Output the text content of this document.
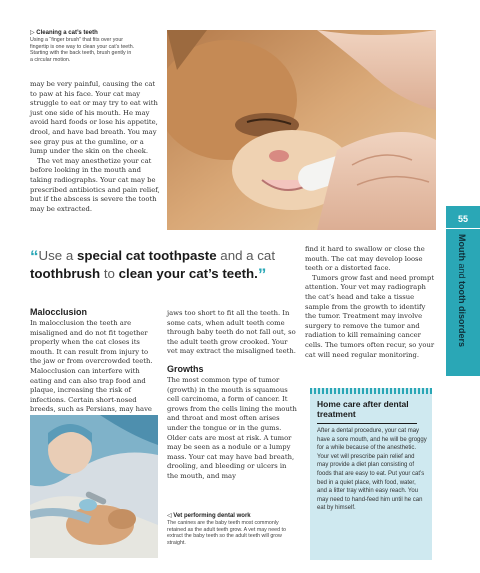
▷ Cleaning a cat’s teeth
Using a “finger brush” that fits over your
fingertip is one way to clean your cat’s teeth.
Starting with the back teeth, brush gently in
a circular motion.

may be very painful, causing the cat to paw at his face. Your cat may struggle to eat or may try to eat with just one side of his mouth. He may avoid hard foods or lose his appetite, drool, and have bad breath. You may see gray pus at the gumline, or a lump under the skin on the cheek.

The vet may anesthetize your cat before looking in the mouth and taking radiographs. Your cat may be prescribed antibiotics and pain relief, but if the abscess is severe the tooth may be extracted.

“Use a special cat toothpaste and a cat toothbrush to clean your cat’s teeth.”
Malocclusion
In malocclusion the teeth are misaligned and do not fit together properly when the cat closes its mouth. It can result from injury to the jaw or from overcrowded teeth. Malocclusion can interfere with eating and can also trap food and plaque, increasing the risk of infections. Certain short-nosed breeds, such as Persians, may have
jaws too short to fit all the teeth. In some cats, when adult teeth come through baby teeth do not fall out, so the adult teeth grow crooked. Your vet may extract the misaligned teeth.
Growths
The most common type of tumor (growth) in the mouth is squamous cell carcinoma, a form of cancer. It grows from the cells lining the mouth and throat and most often arises under the tongue or in the gums. Older cats are most at risk. A tumor may be seen as a nodule or a lumpy mass. Your cat may have bad breath, drooling, and bleeding or ulcers in the mouth, and may
◁ Vet performing dental work
The canines are the baby teeth most commonly retained as the adult teeth grow. A vet may need to extract the baby teeth so the adult teeth will grow straight.

find it hard to swallow or close the mouth. The cat may develop loose teeth or a distorted face.

Tumors grow fast and need prompt attention. Your vet may radiograph the cat’s head and take a tissue sample from the growth to identify the tumor. Treatment may involve surgery to remove the tumor and radiation to kill remaining cancer cells. The tumors often recur, so your cat will need regular monitoring.

Home care after dental treatment
After a dental procedure, your cat may have a sore mouth, and he will be groggy for a while because of the anesthetic. Your vet will prescribe pain relief and may provide a diet plan consisting of foods that are easy to eat. Put your cat’s bed in a quiet place, with food, water, and a litter tray within easy reach. You may need to hand-feed him until he can eat by himself.
55
Mouth and tooth disorders
